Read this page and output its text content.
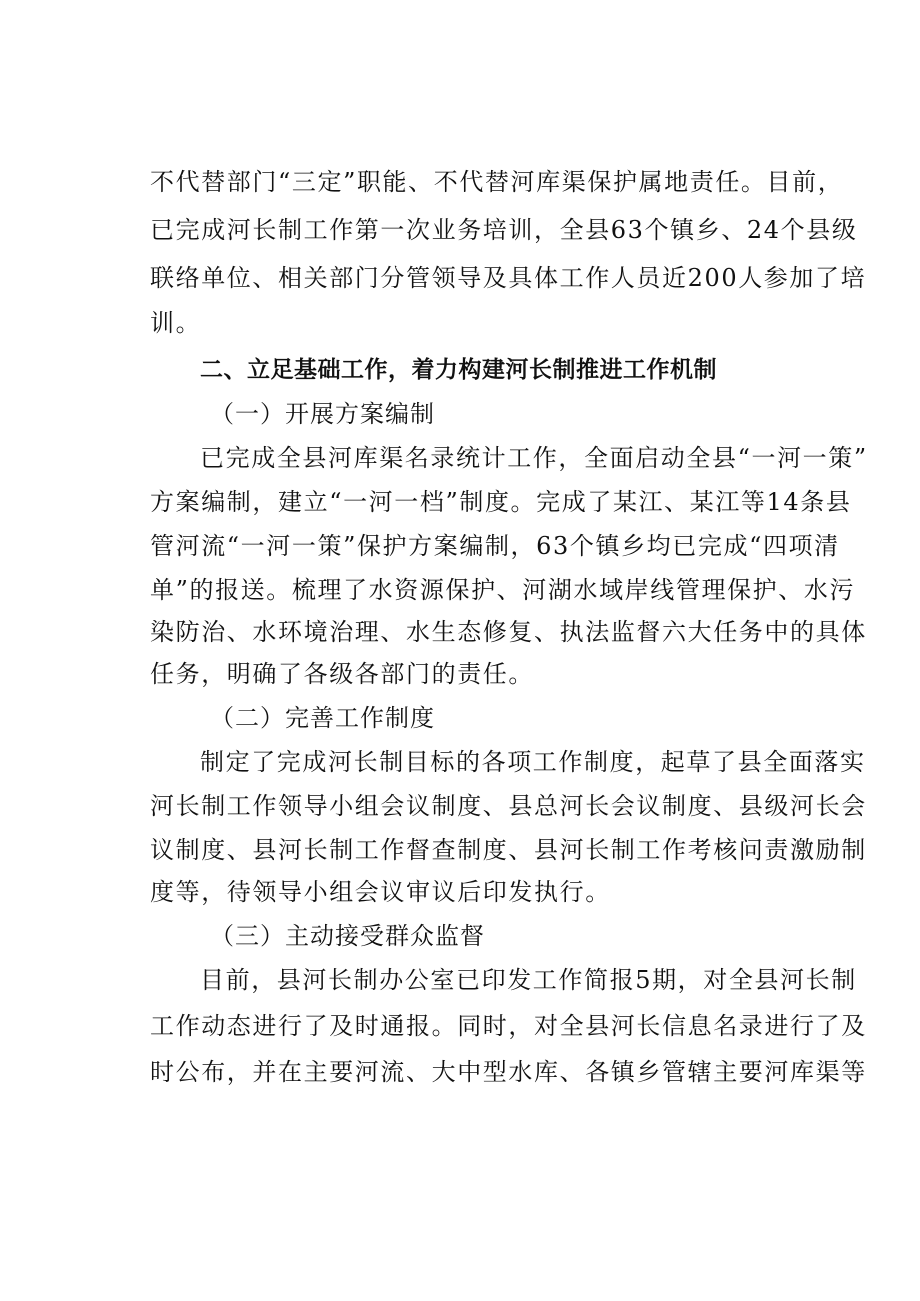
不代替部门“三定”职能、不代替河库渠保护属地责任。目前，
已完成河长制工作第一次业务培训，全县63个镇乡、24个县级
联络单位、相关部门分管领导及具体工作人员近200人参加了培
训。
二、立足基础工作，着力构建河长制推进工作机制
（一）开展方案编制
已完成全县河库渠名录统计工作，全面启动全县“一河一策”
方案编制，建立“一河一档”制度。完成了某江、某江等14条县
管河流“一河一策”保护方案编制，63个镇乡均已完成“四项清
单”的报送。梳理了水资源保护、河湖水域岸线管理保护、水污
染防治、水环境治理、水生态修复、执法监督六大任务中的具体
任务，明确了各级各部门的责任。
（二）完善工作制度
制定了完成河长制目标的各项工作制度，起草了县全面落实
河长制工作领导小组会议制度、县总河长会议制度、县级河长会
议制度、县河长制工作督查制度、县河长制工作考核问责激励制
度等，待领导小组会议审议后印发执行。
（三）主动接受群众监督
目前，县河长制办公室已印发工作简报5期，对全县河长制
工作动态进行了及时通报。同时，对全县河长信息名录进行了及
时公布，并在主要河流、大中型水库、各镇乡管辖主要河库渠等
